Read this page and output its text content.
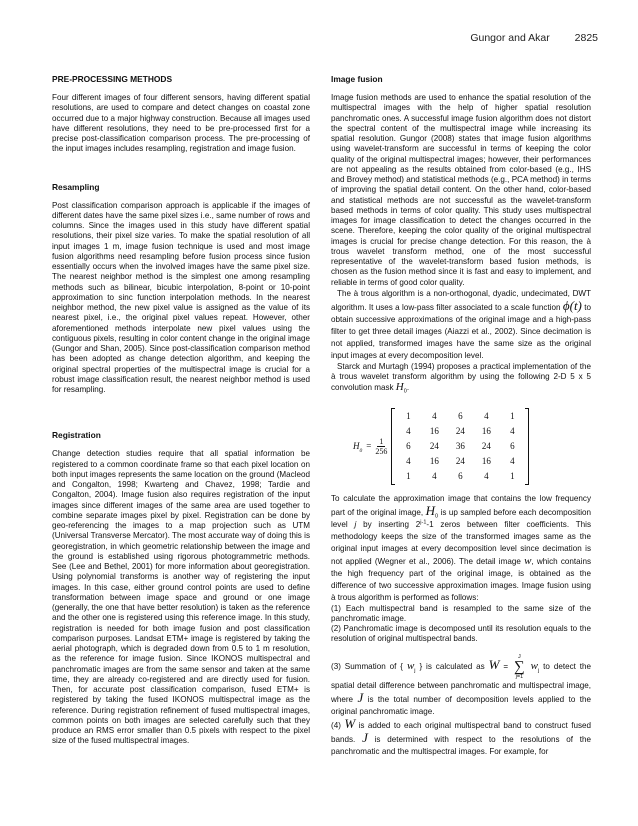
Gungor and Akar 2825
PRE-PROCESSING METHODS

Four different images of four different sensors, having different spatial resolutions, are used to compare and detect changes on coastal zone occurred due to a major highway construction. Because all images used have different resolutions, they need to be pre-processed first for a precise post-classification comparison process. The pre-processing of the input images includes resampling, registration and image fusion.

Resampling

Post classification comparison approach is applicable if the images of different dates have the same pixel sizes i.e., same number of rows and columns. Since the images used in this study have different spatial resolutions, their pixel size varies. To make the spatial resolution of all input images 1 m, image fusion technique is used and most image fusion algorithms need resampling before fusion process since fusion essentially occurs when the involved images have the same pixel size. The nearest neighbor method is the simplest one among resampling methods such as bilinear, bicubic interpolation, 8-point or 10-point approximation to sinc function interpolation methods. In the nearest neighbor method, the new pixel value is assigned as the value of its nearest pixel, i.e., the original pixel values repeat. However, other aforementioned methods interpolate new pixel values using the contiguous pixels, resulting in color content change in the original image (Gungor and Shan, 2005). Since post-classification comparison method has been adopted as change detection algorithm, and keeping the original spectral properties of the multispectral image is crucial for a robust image classification result, the nearest neighbor method is used for resampling.

Registration

Change detection studies require that all spatial information be registered to a common coordinate frame so that each pixel location on both input images represents the same location on the ground (Macleod and Congalton, 1998; Kwarteng and Chavez, 1998; Tardie and Congalton, 2004). Image fusion also requires registration of the input images since different images of the same area are used together to combine separate images pixel by pixel. Registration can be done by geo-referencing the images to a map projection such as UTM (Universal Transverse Mercator). The most accurate way of doing this is georegistration, in which geometric relationship between the image and the ground is established using rigorous photogrammetric methods. See (Lee and Bethel, 2001) for more information about georegistration. Using polynomial transforms is another way of registering the input images. In this case, either ground control points are used to define transformation between image space and ground or one image (generally, the one that have better resolution) is taken as the reference and the other one is registered using this reference image. In this study, registration is needed for both image fusion and post classification comparison purposes. Landsat ETM+ image is registered by taking the aerial photograph, which is degraded down from 0.5 to 1 m resolution, as the reference for image fusion. Since IKONOS multispectral and panchromatic images are from the same sensor and taken at the same time, they are already co-registered and are directly used for fusion. Then, for accurate post classification comparison, fused ETM+ is registered by taking the fused IKONOS multispectral image as the reference. During registration refinement of fused multispectral images, common points on both images are selected carefully such that they produce an RMS error smaller than 0.5 pixels with respect to the pixel size of the fused multispectral images.

Image fusion

Image fusion methods are used to enhance the spatial resolution of the multispectral images with the help of higher spatial resolution panchromatic ones. A successful image fusion algorithm does not distort the spectral content of the multispectral image while increasing its spatial resolution. Gungor (2008) states that image fusion algorithms using wavelet-transform are successful in terms of keeping the color quality of the original multispectral images; however, their performances are not appealing as the results obtained from color-based (e.g., IHS and Brovey method) and statistical methods (e.g., PCA method) in terms of improving the spatial detail content. On the other hand, color-based and statistical methods are not successful as the wavelet-transform based methods in terms of color quality. This study uses multispectral images for image classification to detect the changes occurred in the scene. Therefore, keeping the color quality of the original multispectral images is crucial for precise change detection. For this reason, the à trous wavelet transform method, one of the most successful representative of the wavelet-transform based fusion methods, is chosen as the fusion method since it is fast and easy to implement, and reliable in terms of good color quality.

The à trous algorithm is a non-orthogonal, dyadic, undecimated, DWT algorithm. It uses a low-pass filter associated to a scale function ϕ(t) to obtain successive approximations of the original image and a high-pass filter to get three detail images (Aiazzi et al., 2002). Since decimation is not applied, transformed images have the same size as the original input images at every decomposition level.

Starck and Murtagh (1994) proposes a practical implementation of the à trous wavelet transform algorithm by using the following 2-D 5 x 5 convolution mask $H_0$.

$H_0 = \frac{1}{256}$
1	4	6	4	1
4	16	24	16	4
6	24	36	24	6
4	16	24	16	4
1	4	6	4	1

To calculate the approximation image that contains the low frequency part of the original image, $H_0$ is up sampled before each decomposition level j by inserting 2$^{j-1}$-1 zeros between filter coefficients. This methodology keeps the size of the transformed images same as the original input images at every decomposition level since decimation is not applied (Wegner et al., 2006). The detail image w, which contains the high frequency part of the original image, is obtained as the difference of two successive approximation images. Image fusion using à trous algorithm is performed as follows:

(1) Each multispectral band is resampled to the same size of the panchromatic image.

(2) Panchromatic image is decomposed until its resolution equals to the resolution of original multispectral bands.

(3) Summation of { $w_j$ } is calculated as W =
J
∑
j=1
$w_j$ to detect the spatial detail difference between panchromatic and multispectral image, where J is the total number of decomposition levels applied to the original panchromatic image.

(4) W is added to each original multispectral band to construct fused bands. J is determined with respect to the resolutions of the panchromatic and the multispectral images. For example, for
